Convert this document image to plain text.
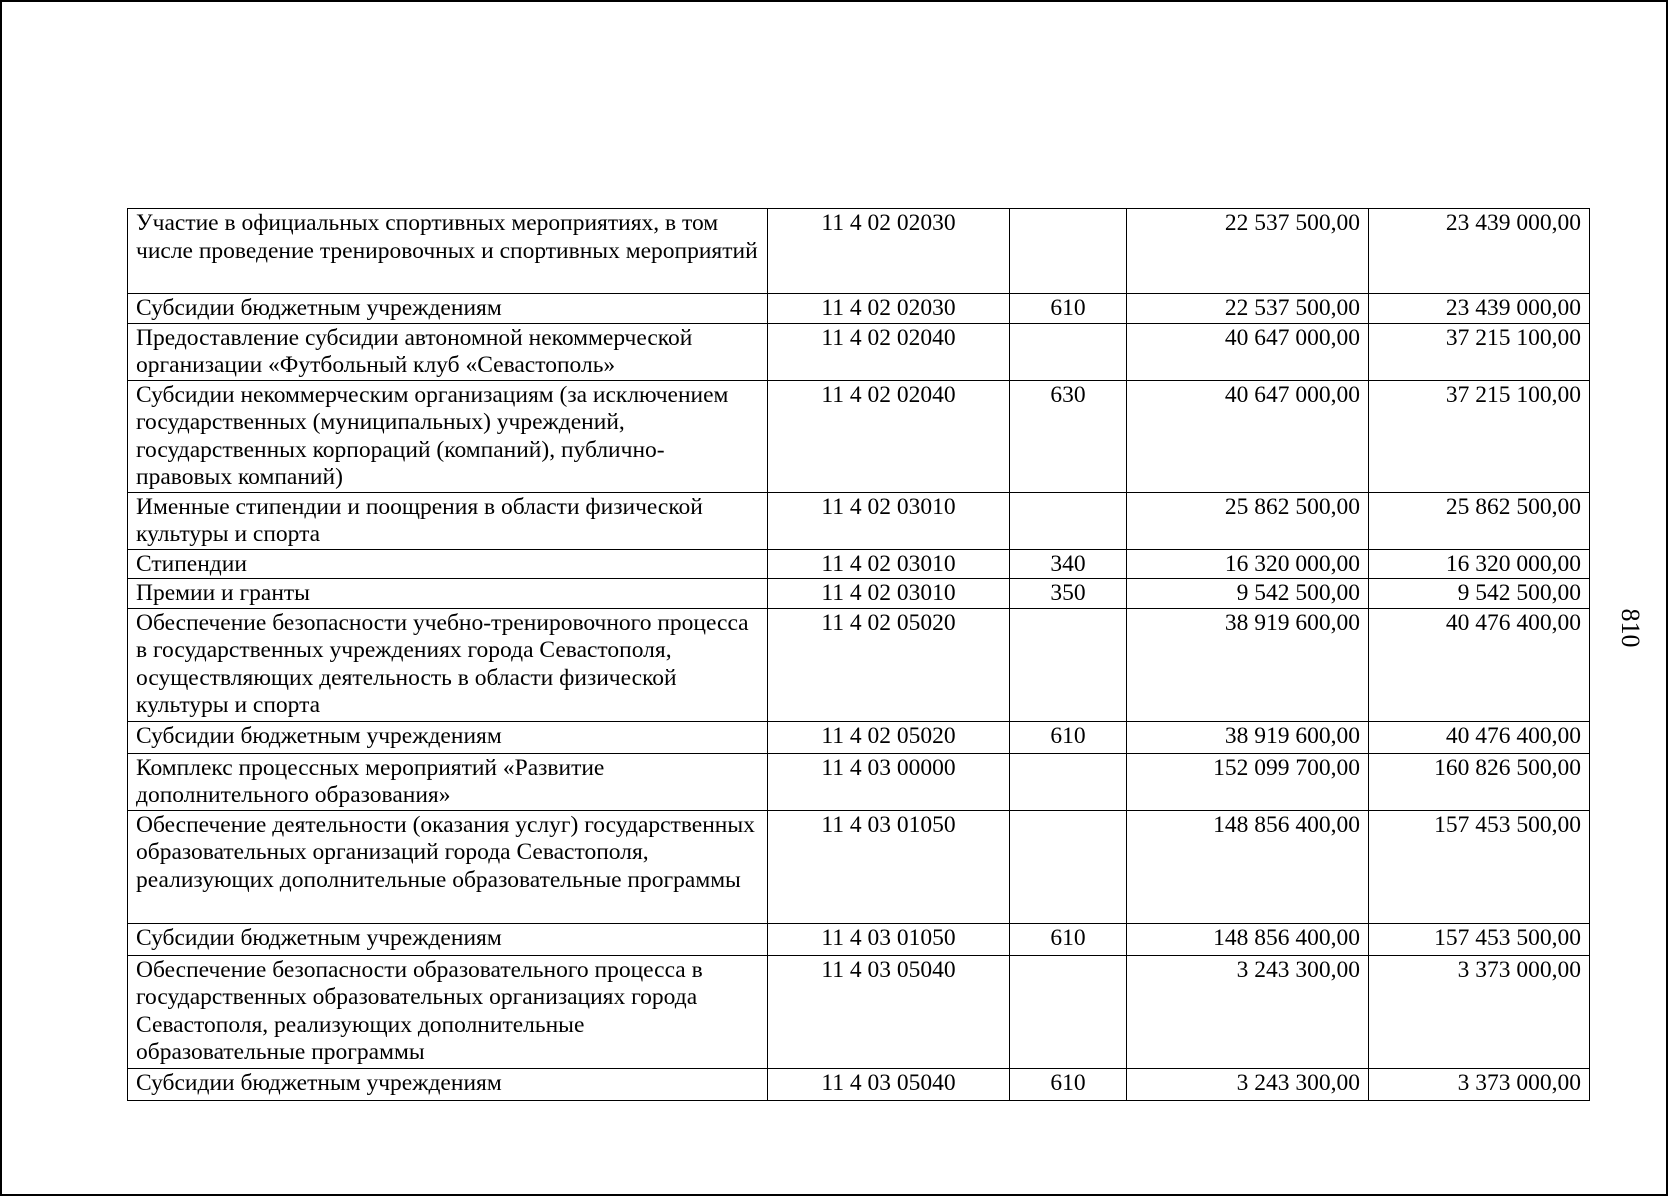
Участие в официальных спортивных мероприятиях, в том числе проведение тренировочных и спортивных мероприятий	11 4 02 02030		22 537 500,00	23 439 000,00
Субсидии бюджетным учреждениям	11 4 02 02030	610	22 537 500,00	23 439 000,00
Предоставление субсидии автономной некоммерческой организации «Футбольный клуб «Севастополь»	11 4 02 02040		40 647 000,00	37 215 100,00
Субсидии некоммерческим организациям (за исключением государственных (муниципальных) учреждений, государственных корпораций (компаний), публично-правовых компаний)	11 4 02 02040	630	40 647 000,00	37 215 100,00
Именные стипендии и поощрения в области физической культуры и спорта	11 4 02 03010		25 862 500,00	25 862 500,00
Стипендии	11 4 02 03010	340	16 320 000,00	16 320 000,00
Премии и гранты	11 4 02 03010	350	9 542 500,00	9 542 500,00
Обеспечение безопасности учебно-тренировочного процесса в государственных учреждениях города Севастополя, осуществляющих деятельность в области физической культуры и спорта	11 4 02 05020		38 919 600,00	40 476 400,00
Субсидии бюджетным учреждениям	11 4 02 05020	610	38 919 600,00	40 476 400,00
Комплекс процессных мероприятий «Развитие дополнительного образования»	11 4 03 00000		152 099 700,00	160 826 500,00
Обеспечение деятельности (оказания услуг) государственных образовательных организаций города Севастополя, реализующих дополнительные образовательные программы	11 4 03 01050		148 856 400,00	157 453 500,00
Субсидии бюджетным учреждениям	11 4 03 01050	610	148 856 400,00	157 453 500,00
Обеспечение безопасности образовательного процесса в государственных образовательных организациях города Севастополя, реализующих дополнительные образовательные программы	11 4 03 05040		3 243 300,00	3 373 000,00
Субсидии бюджетным учреждениям	11 4 03 05040	610	3 243 300,00	3 373 000,00
810
